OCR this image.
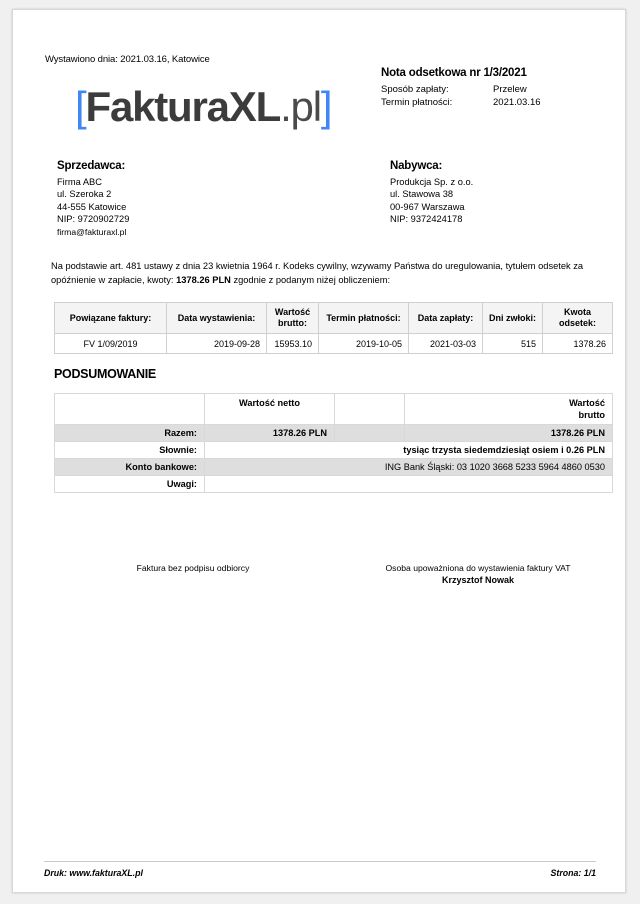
Wystawiono dnia: 2021.03.16, Katowice
[FakturaXL.pl]
Nota odsetkowa nr 1/3/2021
Sposób zapłaty:	Przelew
Termin płatności:	2021.03.16
Sprzedawca:
Firma ABC
ul. Szeroka 2
44-555 Katowice
NIP: 9720902729
firma@fakturaxl.pl
Nabywca:
Produkcja Sp. z o.o.
ul. Stawowa 38
00-967 Warszawa
NIP: 9372424178
Na podstawie art. 481 ustawy z dnia 23 kwietnia 1964 r. Kodeks cywilny, wzywamy Państwa do uregulowania, tytułem odsetek za opóźnienie w zapłacie, kwoty: 1378.26 PLN zgodnie z podanym niżej obliczeniem:
Powiązane faktury:	Data wystawienia:	Wartość brutto:	Termin płatności:	Data zapłaty:	Dni zwłoki:	Kwota odsetek:
FV 1/09/2019	2019-09-28	15953.10	2019-10-05	2021-03-03	515	1378.26
PODSUMOWANIE
	Wartość netto		Wartość
brutto
Razem:	1378.26 PLN		1378.26 PLN
Słownie:	tysiąc trzysta siedemdziesiąt osiem i 0.26 PLN		
Konto bankowe:	ING Bank Śląski: 03 1020 3668 5233 5964 4860 0530		
Uwagi:			
Faktura bez podpisu odbiorcy	Osoba upoważniona do wystawienia faktury VAT
Krzysztof Nowak
Druk: www.fakturaXL.pl	Strona: 1/1
